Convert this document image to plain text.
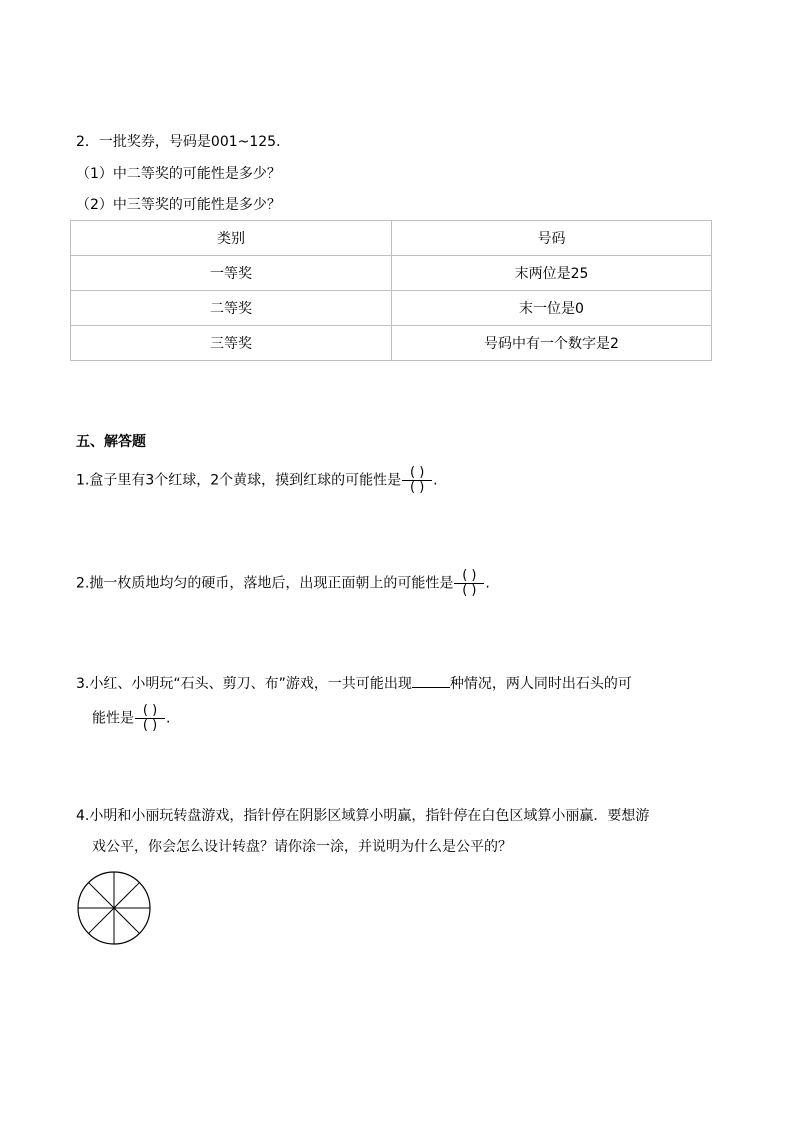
2．一批奖券，号码是001~125．
（1）中二等奖的可能性是多少？
（2）中三等奖的可能性是多少？
类别	号码
一等奖	末两位是25
二等奖	末一位是0
三等奖	号码中有一个数字是2
五、解答题
1.盒子里有3个红球，2个黄球，摸到红球的可能性是 $\frac{( )}{( )}$ .
2.抛一枚质地均匀的硬币，落地后，出现正面朝上的可能性是 $\frac{( )}{( )}$ .
3.小红、小明玩“石头、剪刀、布”游戏，一共可能出现	种情况，两人同时出石头的可
能性是 $\frac{( )}{( )}$ .
4.小明和小丽玩转盘游戏，指针停在阴影区域算小明赢，指针停在白色区域算小丽赢．要想游
戏公平，你会怎么设计转盘？请你涂一涂，并说明为什么是公平的？
